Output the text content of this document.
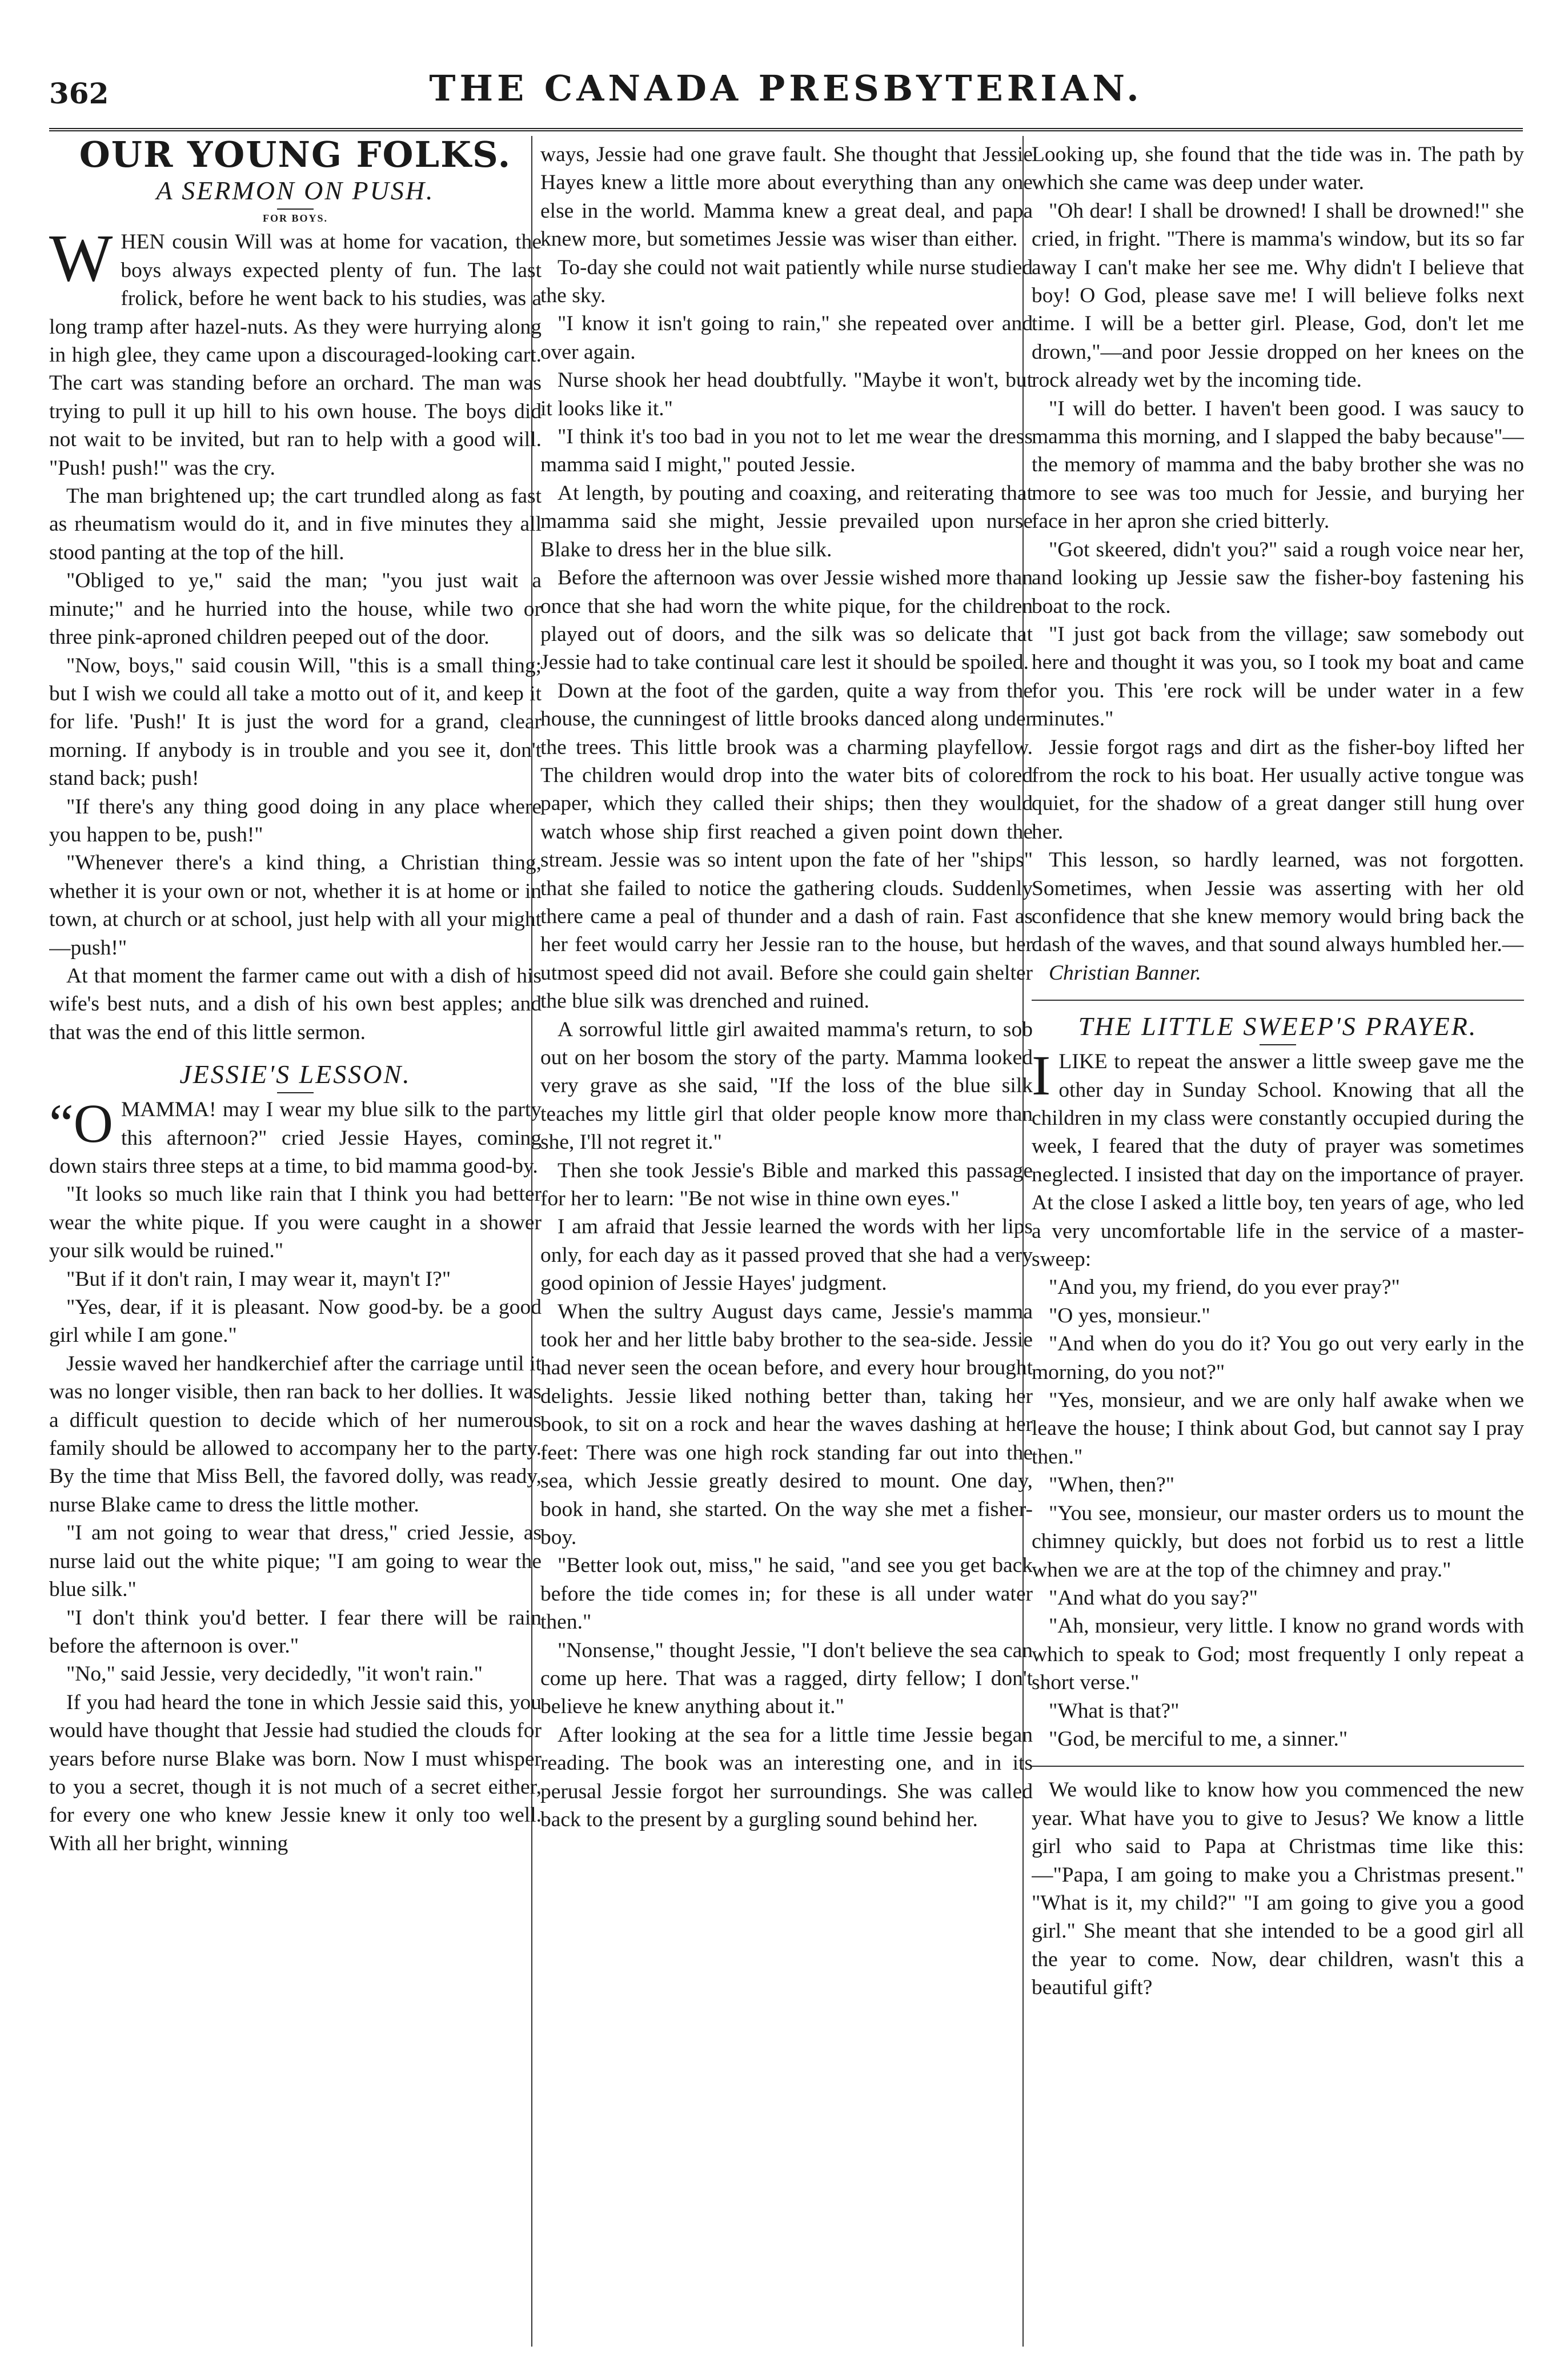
362	THE CANADA PRESBYTERIAN.
OUR YOUNG FOLKS.
A SERMON ON PUSH.
FOR BOYS.

WHEN cousin Will was at home for vacation, the boys always expected plenty of fun. The last frolick, before he went back to his studies, was a long tramp after hazel-nuts. As they were hurrying along in high glee, they came upon a discouraged-looking cart. The cart was standing before an orchard. The man was trying to pull it up hill to his own house. The boys did not wait to be invited, but ran to help with a good will. "Push! push!" was the cry.

The man brightened up; the cart trundled along as fast as rheumatism would do it, and in five minutes they all stood panting at the top of the hill.

"Obliged to ye," said the man; "you just wait a minute;" and he hurried into the house, while two or three pink-aproned children peeped out of the door.

"Now, boys," said cousin Will, "this is a small thing; but I wish we could all take a motto out of it, and keep it for life. 'Push!' It is just the word for a grand, clear morning. If anybody is in trouble and you see it, don't stand back; push!

"If there's any thing good doing in any place where you happen to be, push!"

"Whenever there's a kind thing, a Christian thing, whether it is your own or not, whether it is at home or in town, at church or at school, just help with all your might—push!"

At that moment the farmer came out with a dish of his wife's best nuts, and a dish of his own best apples; and that was the end of this little sermon.

JESSIE'S LESSON.

“OMAMMA! may I wear my blue silk to the party this afternoon?" cried Jessie Hayes, coming down stairs three steps at a time, to bid mamma good-by.

"It looks so much like rain that I think you had better wear the white pique. If you were caught in a shower your silk would be ruined."

"But if it don't rain, I may wear it, mayn't I?"

"Yes, dear, if it is pleasant. Now good-by. be a good girl while I am gone."

Jessie waved her handkerchief after the carriage until it was no longer visible, then ran back to her dollies. It was a difficult question to decide which of her numerous family should be allowed to accompany her to the party. By the time that Miss Bell, the favored dolly, was ready, nurse Blake came to dress the little mother.

"I am not going to wear that dress," cried Jessie, as nurse laid out the white pique; "I am going to wear the blue silk."

"I don't think you'd better. I fear there will be rain before the afternoon is over."

"No," said Jessie, very decidedly, "it won't rain."

If you had heard the tone in which Jessie said this, you would have thought that Jessie had studied the clouds for years before nurse Blake was born. Now I must whisper to you a secret, though it is not much of a secret either, for every one who knew Jessie knew it only too well. With all her bright, winning

ways, Jessie had one grave fault. She thought that Jessie Hayes knew a little more about everything than any one else in the world. Mamma knew a great deal, and papa knew more, but sometimes Jessie was wiser than either.

To-day she could not wait patiently while nurse studied the sky.

"I know it isn't going to rain," she repeated over and over again.

Nurse shook her head doubtfully. "Maybe it won't, but it looks like it."

"I think it's too bad in you not to let me wear the dress mamma said I might," pouted Jessie.

At length, by pouting and coaxing, and reiterating that mamma said she might, Jessie prevailed upon nurse Blake to dress her in the blue silk.

Before the afternoon was over Jessie wished more than once that she had worn the white pique, for the children played out of doors, and the silk was so delicate that Jessie had to take continual care lest it should be spoiled.

Down at the foot of the garden, quite a way from the house, the cunningest of little brooks danced along under the trees. This little brook was a charming playfellow. The children would drop into the water bits of colored paper, which they called their ships; then they would watch whose ship first reached a given point down the stream. Jessie was so intent upon the fate of her "ships" that she failed to notice the gathering clouds. Suddenly there came a peal of thunder and a dash of rain. Fast as her feet would carry her Jessie ran to the house, but her utmost speed did not avail. Before she could gain shelter the blue silk was drenched and ruined.

A sorrowful little girl awaited mamma's return, to sob out on her bosom the story of the party. Mamma looked very grave as she said, "If the loss of the blue silk teaches my little girl that older people know more than she, I'll not regret it."

Then she took Jessie's Bible and marked this passage for her to learn: "Be not wise in thine own eyes."

I am afraid that Jessie learned the words with her lips only, for each day as it passed proved that she had a very good opinion of Jessie Hayes' judgment.

When the sultry August days came, Jessie's mamma took her and her little baby brother to the sea-side. Jessie had never seen the ocean before, and every hour brought delights. Jessie liked nothing better than, taking her book, to sit on a rock and hear the waves dashing at her feet: There was one high rock standing far out into the sea, which Jessie greatly desired to mount. One day, book in hand, she started. On the way she met a fisher-boy.

"Better look out, miss," he said, "and see you get back before the tide comes in; for these is all under water then."

"Nonsense," thought Jessie, "I don't believe the sea can come up here. That was a ragged, dirty fellow; I don't believe he knew anything about it."

After looking at the sea for a little time Jessie began reading. The book was an interesting one, and in its perusal Jessie forgot her surroundings. She was called back to the present by a gurgling sound behind her.

Looking up, she found that the tide was in. The path by which she came was deep under water.

"Oh dear! I shall be drowned! I shall be drowned!" she cried, in fright. "There is mamma's window, but its so far away I can't make her see me. Why didn't I believe that boy! O God, please save me! I will believe folks next time. I will be a better girl. Please, God, don't let me drown,"—and poor Jessie dropped on her knees on the rock already wet by the incoming tide.

"I will do better. I haven't been good. I was saucy to mamma this morning, and I slapped the baby because"—the memory of mamma and the baby brother she was no more to see was too much for Jessie, and burying her face in her apron she cried bitterly.

"Got skeered, didn't you?" said a rough voice near her, and looking up Jessie saw the fisher-boy fastening his boat to the rock.

"I just got back from the village; saw somebody out here and thought it was you, so I took my boat and came for you. This 'ere rock will be under water in a few minutes."

Jessie forgot rags and dirt as the fisher-boy lifted her from the rock to his boat. Her usually active tongue was quiet, for the shadow of a great danger still hung over her.

This lesson, so hardly learned, was not forgotten. Sometimes, when Jessie was asserting with her old confidence that she knew memory would bring back the dash of the waves, and that sound always humbled her.—

Christian Banner.

THE LITTLE SWEEP'S PRAYER.

ILIKE to repeat the answer a little sweep gave me the other day in Sunday School. Knowing that all the children in my class were constantly occupied during the week, I feared that the duty of prayer was sometimes neglected. I insisted that day on the importance of prayer. At the close I asked a little boy, ten years of age, who led a very uncomfortable life in the service of a master-sweep:

"And you, my friend, do you ever pray?"

"O yes, monsieur."

"And when do you do it? You go out very early in the morning, do you not?"

"Yes, monsieur, and we are only half awake when we leave the house; I think about God, but cannot say I pray then."

"When, then?"

"You see, monsieur, our master orders us to mount the chimney quickly, but does not forbid us to rest a little when we are at the top of the chimney and pray."

"And what do you say?"

"Ah, monsieur, very little. I know no grand words with which to speak to God; most frequently I only repeat a short verse."

"What is that?"

"God, be merciful to me, a sinner."

We would like to know how you commenced the new year. What have you to give to Jesus? We know a little girl who said to Papa at Christmas time like this:—"Papa, I am going to make you a Christmas present." "What is it, my child?" "I am going to give you a good girl." She meant that she intended to be a good girl all the year to come. Now, dear children, wasn't this a beautiful gift?
